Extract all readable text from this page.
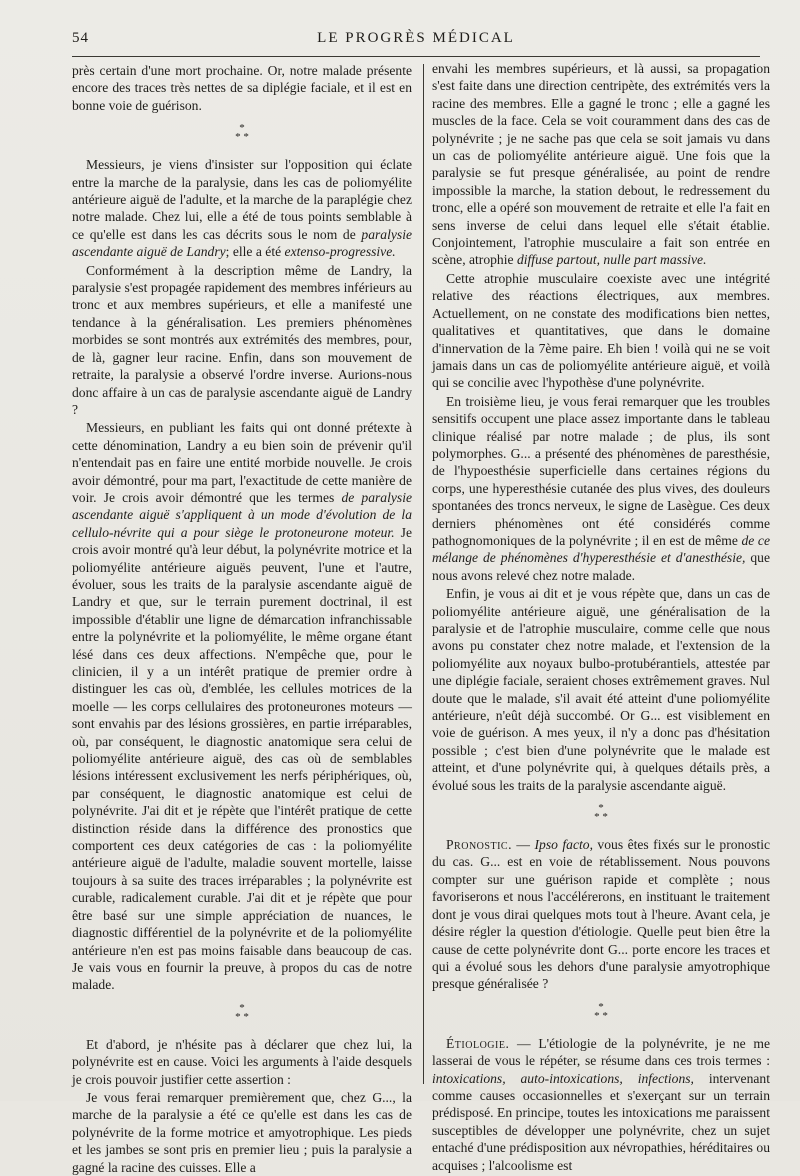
54	LE PROGRÈS MÉDICAL

près certain d'une mort prochaine. Or, notre malade présente encore des traces très nettes de sa diplégie faciale, et il est en bonne voie de guérison.

*
* *

Messieurs, je viens d'insister sur l'opposition qui éclate entre la marche de la paralysie, dans les cas de poliomyélite antérieure aiguë de l'adulte, et la marche de la paraplégie chez notre malade. Chez lui, elle a été de tous points semblable à ce qu'elle est dans les cas décrits sous le nom de paralysie ascendante aiguë de Landry; elle a été extenso-progressive.

Conformément à la description même de Landry, la paralysie s'est propagée rapidement des membres inférieurs au tronc et aux membres supérieurs, et elle a manifesté une tendance à la généralisation. Les premiers phénomènes morbides se sont montrés aux extrémités des membres, pour, de là, gagner leur racine. Enfin, dans son mouvement de retraite, la paralysie a observé l'ordre inverse. Aurions-nous donc affaire à un cas de paralysie ascendante aiguë de Landry ?

Messieurs, en publiant les faits qui ont donné prétexte à cette dénomination, Landry a eu bien soin de prévenir qu'il n'entendait pas en faire une entité morbide nouvelle. Je crois avoir démontré, pour ma part, l'exactitude de cette manière de voir. Je crois avoir démontré que les termes de paralysie ascendante aiguë s'appliquent à un mode d'évolution de la cellulo-névrite qui a pour siège le protoneurone moteur. Je crois avoir montré qu'à leur début, la polynévrite motrice et la poliomyélite antérieure aiguës peuvent, l'une et l'autre, évoluer, sous les traits de la paralysie ascendante aiguë de Landry et que, sur le terrain purement doctrinal, il est impossible d'établir une ligne de démarcation infranchissable entre la polynévrite et la poliomyélite, le même organe étant lésé dans ces deux affections. N'empêche que, pour le clinicien, il y a un intérêt pratique de premier ordre à distinguer les cas où, d'emblée, les cellules motrices de la moelle — les corps cellulaires des protoneurones moteurs — sont envahis par des lésions grossières, en partie irréparables, où, par conséquent, le diagnostic anatomique sera celui de poliomyélite antérieure aiguë, des cas où de semblables lésions intéressent exclusivement les nerfs périphériques, où, par conséquent, le diagnostic anatomique est celui de polynévrite. J'ai dit et je répète que l'intérêt pratique de cette distinction réside dans la différence des pronostics que comportent ces deux catégories de cas : la poliomyélite antérieure aiguë de l'adulte, maladie souvent mortelle, laisse toujours à sa suite des traces irréparables ; la polynévrite est curable, radicalement curable. J'ai dit et je répète que pour être basé sur une simple appréciation de nuances, le diagnostic différentiel de la polynévrite et de la poliomyélite antérieure n'en est pas moins faisable dans beaucoup de cas. Je vais vous en fournir la preuve, à propos du cas de notre malade.

*
* *

Et d'abord, je n'hésite pas à déclarer que chez lui, la polynévrite est en cause. Voici les arguments à l'aide desquels je crois pouvoir justifier cette assertion :

Je vous ferai remarquer premièrement que, chez G..., la marche de la paralysie a été ce qu'elle est dans les cas de polynévrite de la forme motrice et amyotrophique. Les pieds et les jambes se sont pris en premier lieu ; puis la paralysie a gagné la racine des cuisses. Elle a

envahi les membres supérieurs, et là aussi, sa propagation s'est faite dans une direction centripète, des extrémités vers la racine des membres. Elle a gagné le tronc ; elle a gagné les muscles de la face. Cela se voit couramment dans des cas de polynévrite ; je ne sache pas que cela se soit jamais vu dans un cas de poliomyélite antérieure aiguë. Une fois que la paralysie se fut presque généralisée, au point de rendre impossible la marche, la station debout, le redressement du tronc, elle a opéré son mouvement de retraite et elle l'a fait en sens inverse de celui dans lequel elle s'était établie. Conjointement, l'atrophie musculaire a fait son entrée en scène, atrophie diffuse partout, nulle part massive.

Cette atrophie musculaire coexiste avec une intégrité relative des réactions électriques, aux membres. Actuellement, on ne constate des modifications bien nettes, qualitatives et quantitatives, que dans le domaine d'innervation de la 7ème paire. Eh bien ! voilà qui ne se voit jamais dans un cas de poliomyélite antérieure aiguë, et voilà qui se concilie avec l'hypothèse d'une polynévrite.

En troisième lieu, je vous ferai remarquer que les troubles sensitifs occupent une place assez importante dans le tableau clinique réalisé par notre malade ; de plus, ils sont polymorphes. G... a présenté des phénomènes de paresthésie, de l'hypoesthésie superficielle dans certaines régions du corps, une hyperesthésie cutanée des plus vives, des douleurs spontanées des troncs nerveux, le signe de Lasègue. Ces deux derniers phénomènes ont été considérés comme pathognomoniques de la polynévrite ; il en est de même de ce mélange de phénomènes d'hyperesthésie et d'anesthésie, que nous avons relevé chez notre malade.

Enfin, je vous ai dit et je vous répète que, dans un cas de poliomyélite antérieure aiguë, une généralisation de la paralysie et de l'atrophie musculaire, comme celle que nous avons pu constater chez notre malade, et l'extension de la poliomyélite aux noyaux bulbo-protubérantiels, attestée par une diplégie faciale, seraient choses extrêmement graves. Nul doute que le malade, s'il avait été atteint d'une poliomyélite antérieure, n'eût déjà succombé. Or G... est visiblement en voie de guérison. A mes yeux, il n'y a donc pas d'hésitation possible ; c'est bien d'une polynévrite que le malade est atteint, et d'une polynévrite qui, à quelques détails près, a évolué sous les traits de la paralysie ascendante aiguë.

*
* *

Pronostic. — Ipso facto, vous êtes fixés sur le pronostic du cas. G... est en voie de rétablissement. Nous pouvons compter sur une guérison rapide et complète ; nous favoriserons et nous l'accélérerons, en instituant le traitement dont je vous dirai quelques mots tout à l'heure. Avant cela, je désire régler la question d'étiologie. Quelle peut bien être la cause de cette polynévrite dont G... porte encore les traces et qui a évolué sous les dehors d'une paralysie amyotrophique presque généralisée ?

*
* *

Étiologie. — L'étiologie de la polynévrite, je ne me lasserai de vous le répéter, se résume dans ces trois termes : intoxications, auto-intoxications, infections, intervenant comme causes occasionnelles et s'exerçant sur un terrain prédisposé. En principe, toutes les intoxications me paraissent susceptibles de développer une polynévrite, chez un sujet entaché d'une prédisposition aux névropathies, héréditaires ou acquises ; l'alcoolisme est
